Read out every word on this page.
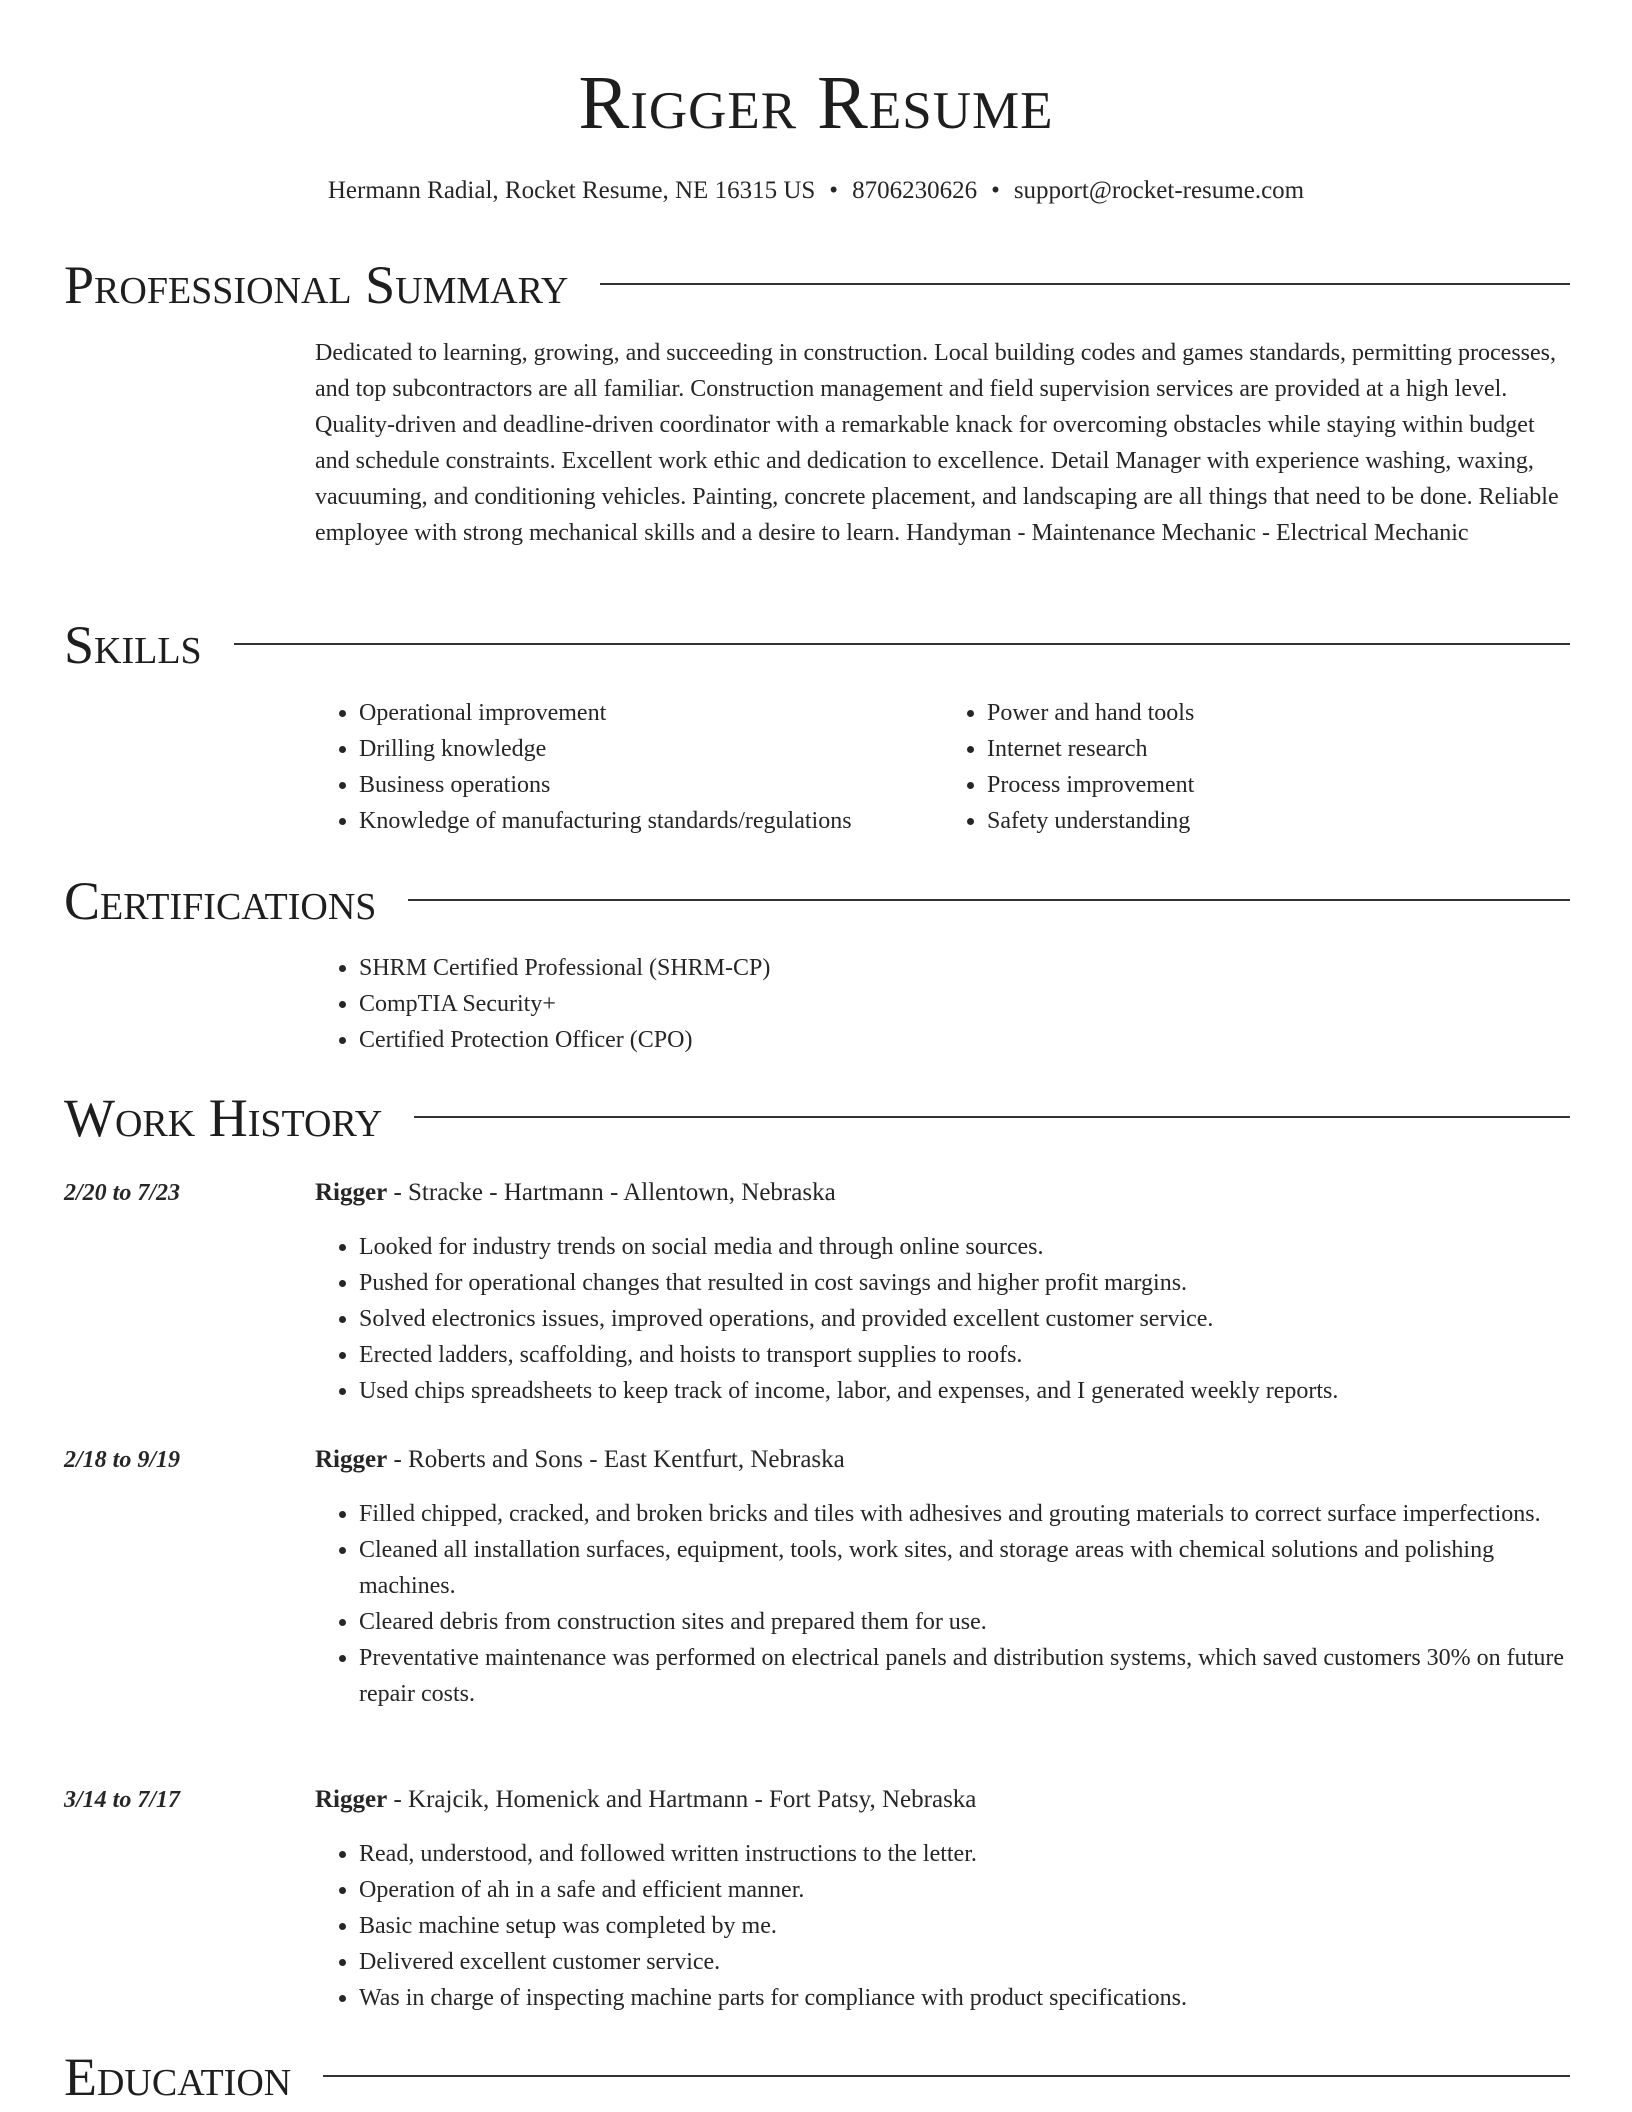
Rigger Resume
Hermann Radial, Rocket Resume, NE 16315 US • 8706230626 • support@rocket-resume.com
Professional Summary

Dedicated to learning, growing, and succeeding in construction. Local building codes and games standards, permitting processes, and top subcontractors are all familiar. Construction management and field supervision services are provided at a high level. Quality-driven and deadline-driven coordinator with a remarkable knack for overcoming obstacles while staying within budget and schedule constraints. Excellent work ethic and dedication to excellence. Detail Manager with experience washing, waxing, vacuuming, and conditioning vehicles. Painting, concrete placement, and landscaping are all things that need to be done. Reliable employee with strong mechanical skills and a desire to learn. Handyman - Maintenance Mechanic - Electrical Mechanic

Skills
• Operational improvement
• Drilling knowledge
• Business operations
• Knowledge of manufacturing standards/regulations
• Power and hand tools
• Internet research
• Process improvement
• Safety understanding
Certifications
• SHRM Certified Professional (SHRM-CP)
• CompTIA Security+
• Certified Protection Officer (CPO)
Work History
2/20 to 7/23	Rigger - Stracke - Hartmann - Allentown, Nebraska
• Looked for industry trends on social media and through online sources.
• Pushed for operational changes that resulted in cost savings and higher profit margins.
• Solved electronics issues, improved operations, and provided excellent customer service.
• Erected ladders, scaffolding, and hoists to transport supplies to roofs.
• Used chips spreadsheets to keep track of income, labor, and expenses, and I generated weekly reports.
2/18 to 9/19	Rigger - Roberts and Sons - East Kentfurt, Nebraska
• Filled chipped, cracked, and broken bricks and tiles with adhesives and grouting materials to correct surface imperfections.
• Cleaned all installation surfaces, equipment, tools, work sites, and storage areas with chemical solutions and polishing machines.
• Cleared debris from construction sites and prepared them for use.
• Preventative maintenance was performed on electrical panels and distribution systems, which saved customers 30% on future repair costs.
3/14 to 7/17	Rigger - Krajcik, Homenick and Hartmann - Fort Patsy, Nebraska
• Read, understood, and followed written instructions to the letter.
• Operation of ah in a safe and efficient manner.
• Basic machine setup was completed by me.
• Delivered excellent customer service.
• Was in charge of inspecting machine parts for compliance with product specifications.
Education
